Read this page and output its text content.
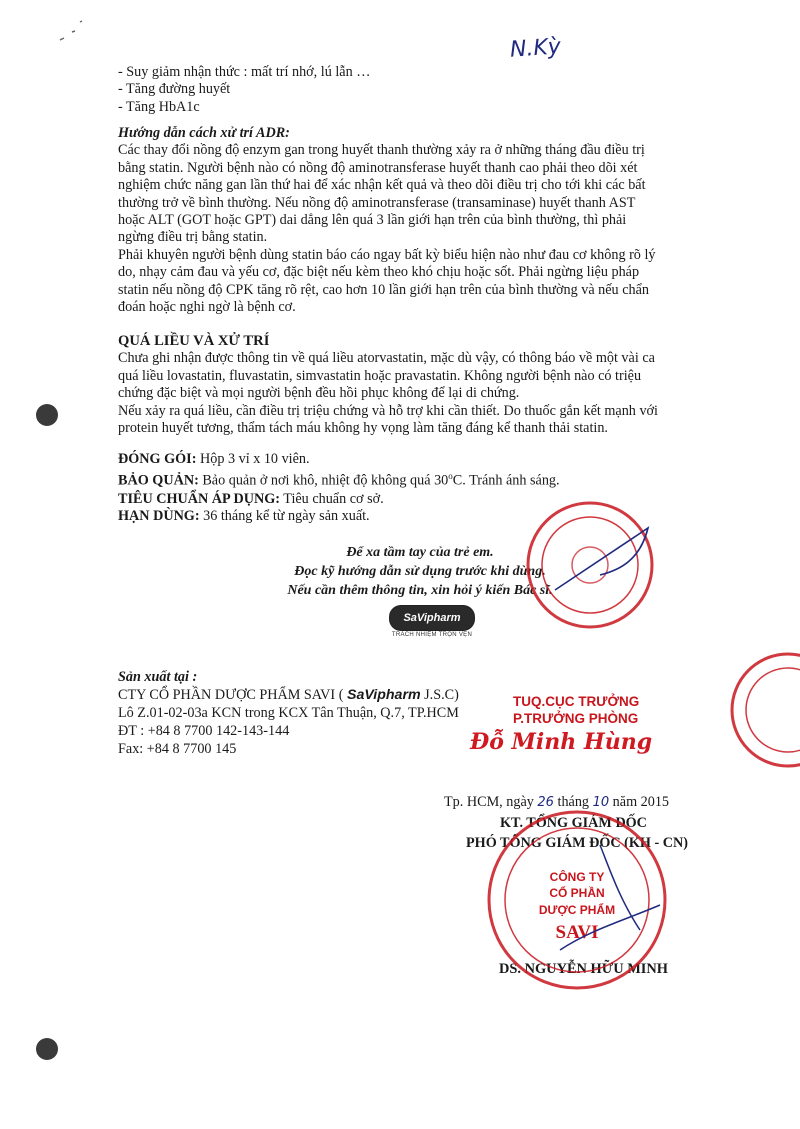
N.Kỳ
- Suy giảm nhận thức : mất trí nhớ, lú lẫn …
- Tăng đường huyết
- Tăng HbA1c
Hướng dẫn cách xử trí ADR:
Các thay đổi nồng độ enzym gan trong huyết thanh thường xảy ra ở những tháng đầu điều trị
bằng statin. Người bệnh nào có nồng độ aminotransferase huyết thanh cao phải theo dõi xét
nghiệm chức năng gan lần thứ hai để xác nhận kết quả và theo dõi điều trị cho tới khi các bất
thường trở về bình thường. Nếu nồng độ aminotransferase (transaminase) huyết thanh AST
hoặc ALT (GOT hoặc GPT) dai dẳng lên quá 3 lần giới hạn trên của bình thường, thì phải
ngừng điều trị bằng statin.
Phải khuyên người bệnh dùng statin báo cáo ngay bất kỳ biểu hiện nào như đau cơ không rõ lý
do, nhạy cảm đau và yếu cơ, đặc biệt nếu kèm theo khó chịu hoặc sốt. Phải ngừng liệu pháp
statin nếu nồng độ CPK tăng rõ rệt, cao hơn 10 lần giới hạn trên của bình thường và nếu chẩn
đoán hoặc nghi ngờ là bệnh cơ.
QUÁ LIỀU VÀ XỬ TRÍ
Chưa ghi nhận được thông tin về quá liều atorvastatin, mặc dù vậy, có thông báo về một vài ca
quá liều lovastatin, fluvastatin, simvastatin hoặc pravastatin. Không người bệnh nào có triệu
chứng đặc biệt và mọi người bệnh đều hồi phục không để lại di chứng.
Nếu xảy ra quá liều, cần điều trị triệu chứng và hỗ trợ khi cần thiết. Do thuốc gắn kết mạnh với
protein huyết tương, thẩm tách máu không hy vọng làm tăng đáng kể thanh thải statin.
ĐÓNG GÓI: Hộp 3 vỉ x 10 viên.
BẢO QUẢN: Bảo quản ở nơi khô, nhiệt độ không quá 30$^o$C. Tránh ánh sáng.
TIÊU CHUẨN ÁP DỤNG: Tiêu chuẩn cơ sở.
HẠN DÙNG: 36 tháng kể từ ngày sản xuất.
Để xa tầm tay của trẻ em.
Đọc kỹ hướng dẫn sử dụng trước khi dùng.
Nếu cần thêm thông tin, xin hỏi ý kiến Bác sĩ.
SaVipharm
TRÁCH NHIỆM TRỌN VẸN
Sản xuất tại :
CTY CỔ PHẦN DƯỢC PHẨM SAVI ( SaVipharm J.S.C)
Lô Z.01-02-03a KCN trong KCX Tân Thuận, Q.7, TP.HCM
ĐT : +84 8 7700 142-143-144
Fax: +84 8 7700 145
TUQ.CỤC TRƯỞNG
P.TRƯỞNG PHÒNG
Đỗ Minh Hùng
Tp. HCM, ngày 26 tháng 10 năm 2015
KT. TỔNG GIÁM ĐỐC
PHÓ TỔNG GIÁM ĐỐC (KH - CN)
CÔNG TY
CỔ PHẦN
DƯỢC PHẨM
SAVI
DS. NGUYỄN HỮU MINH
